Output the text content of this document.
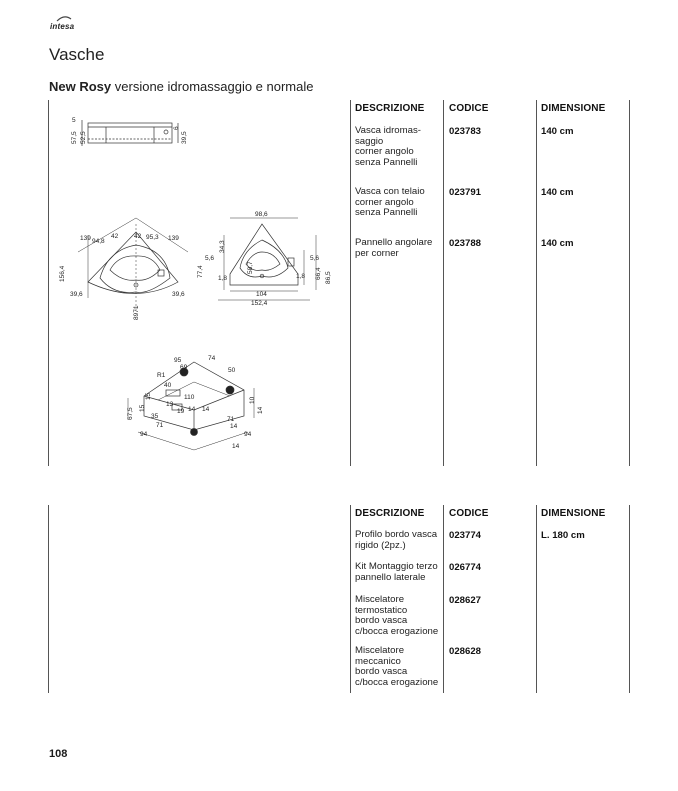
intesa
Vasche
New Rosy versione idromassaggio e normale
DESCRIZIONE CODICE	DIMENSIONE
Vasca idromas-
saggio
corner angolo
senza Pannelli
023783	140 cm
Vasca con telaio
corner angolo
senza Pannelli
023791	140 cm
Pannello angolare
per corner
023788	140 cm
57,5 52,5
5
6
39,5
139 94,8
42 42 95,3 139
156,4
39,6	39,6
8971
98,6
34,3
5,6
77,4	58,7
5,6
66,4 86,5
1,8	1,8
104
152,4
95	74
69	50
R1
40
15
67,5 15
110
13
14 14
19
35
71
94
71
14
94
14
10
14
DESCRIZIONE CODICE	DIMENSIONE
Profilo bordo vasca
rigido (2pz.)
023774	L. 180 cm
Kit Montaggio terzo
pannello laterale
026774
Miscelatore
termostatico
bordo vasca
c/bocca erogazione
028627
Miscelatore
meccanico
bordo vasca
c/bocca erogazione
028628
108
